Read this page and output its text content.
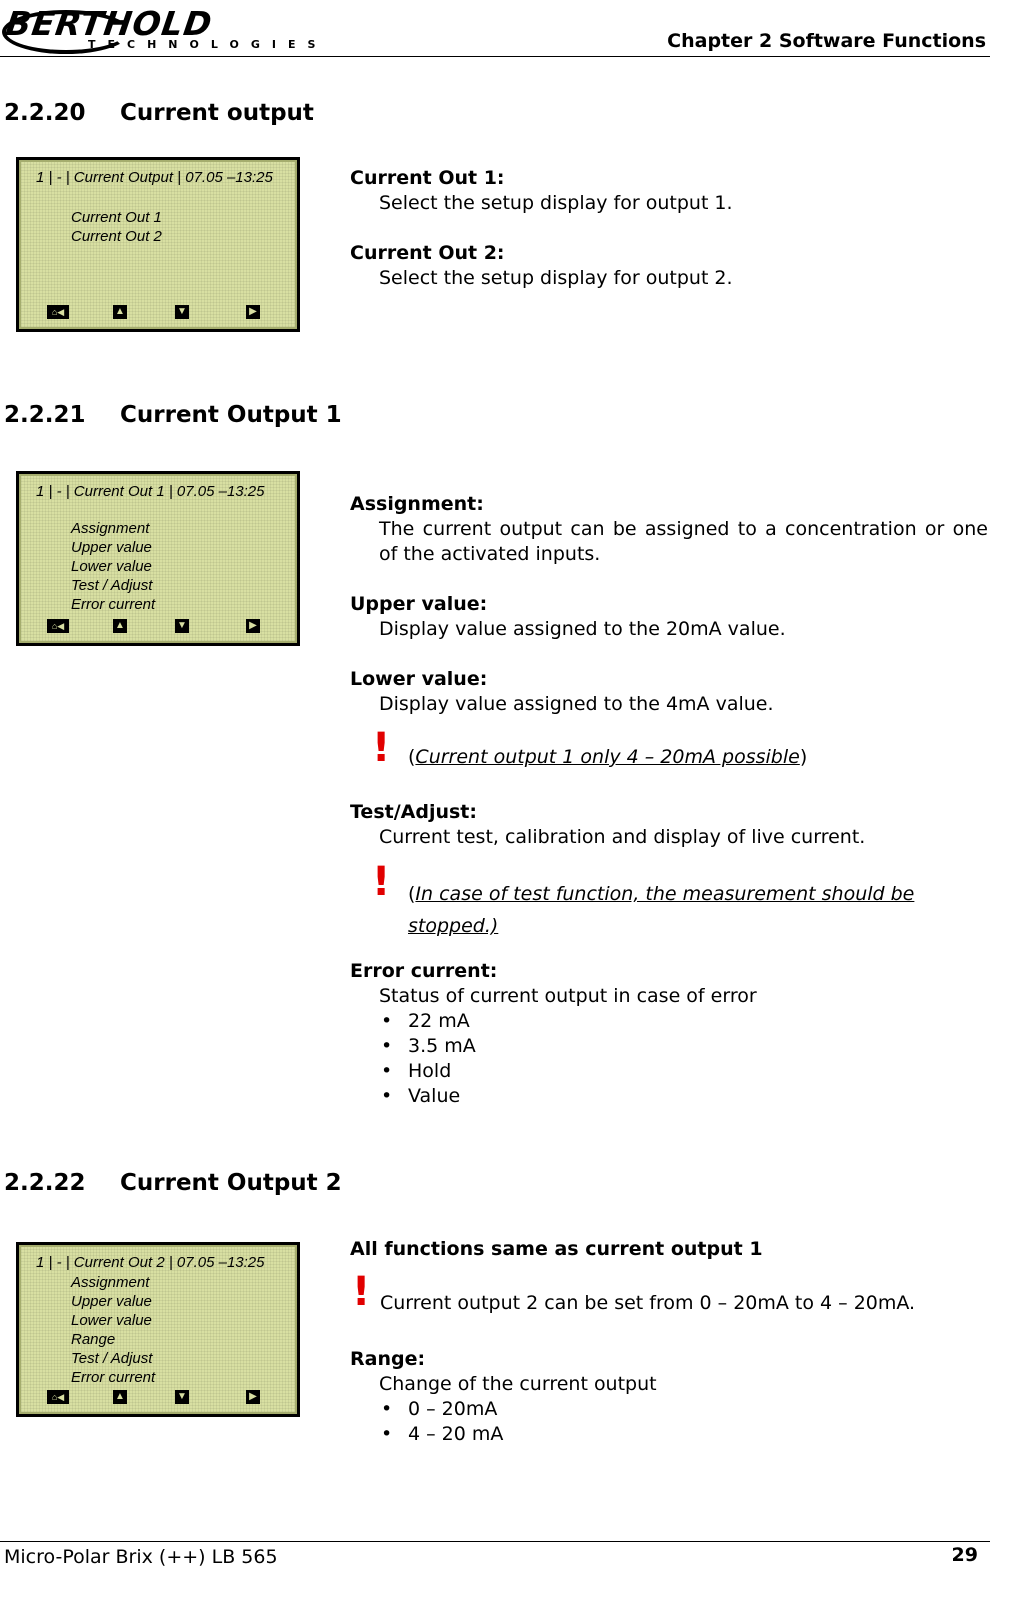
BERTHOLD
TECHNOLOGIES	Chapter 2 Software Functions
2.2.20 Current output
1 | - | Current Output | 07.05 –13:25
Current Out 1
Current Out 2
⌂◀	▲	▼	▶
Current Out 1:
Select the setup display for output 1.
Current Out 2:
Select the setup display for output 2.
2.2.21 Current Output 1
1 | - | Current Out 1 | 07.05 –13:25
Assignment
Upper value
Lower value
Test / Adjust
Error current
⌂◀	▲	▼	▶
Assignment:
The current output can be assigned to a concentration or one of the activated inputs.
Upper value:
Display value assigned to the 20mA value.
Lower value:
Display value assigned to the 4mA value.
! (Current output 1 only 4 – 20mA possible)
Test/Adjust:
Current test, calibration and display of live current.
! (In case of test function, the measurement should be stopped.)
Error current:
Status of current output in case of error
• 22 mA
• 3.5 mA
• Hold
• Value
2.2.22 Current Output 2
1 | - | Current Out 2 | 07.05 –13:25
Assignment
Upper value
Lower value
Range
Test / Adjust
Error current
⌂◀	▲	▼	▶
All functions same as current output 1
! Current output 2 can be set from 0 – 20mA to 4 – 20mA.
Range:
Change of the current output
• 0 – 20mA
• 4 – 20 mA
Micro-Polar Brix (++) LB 565	29
